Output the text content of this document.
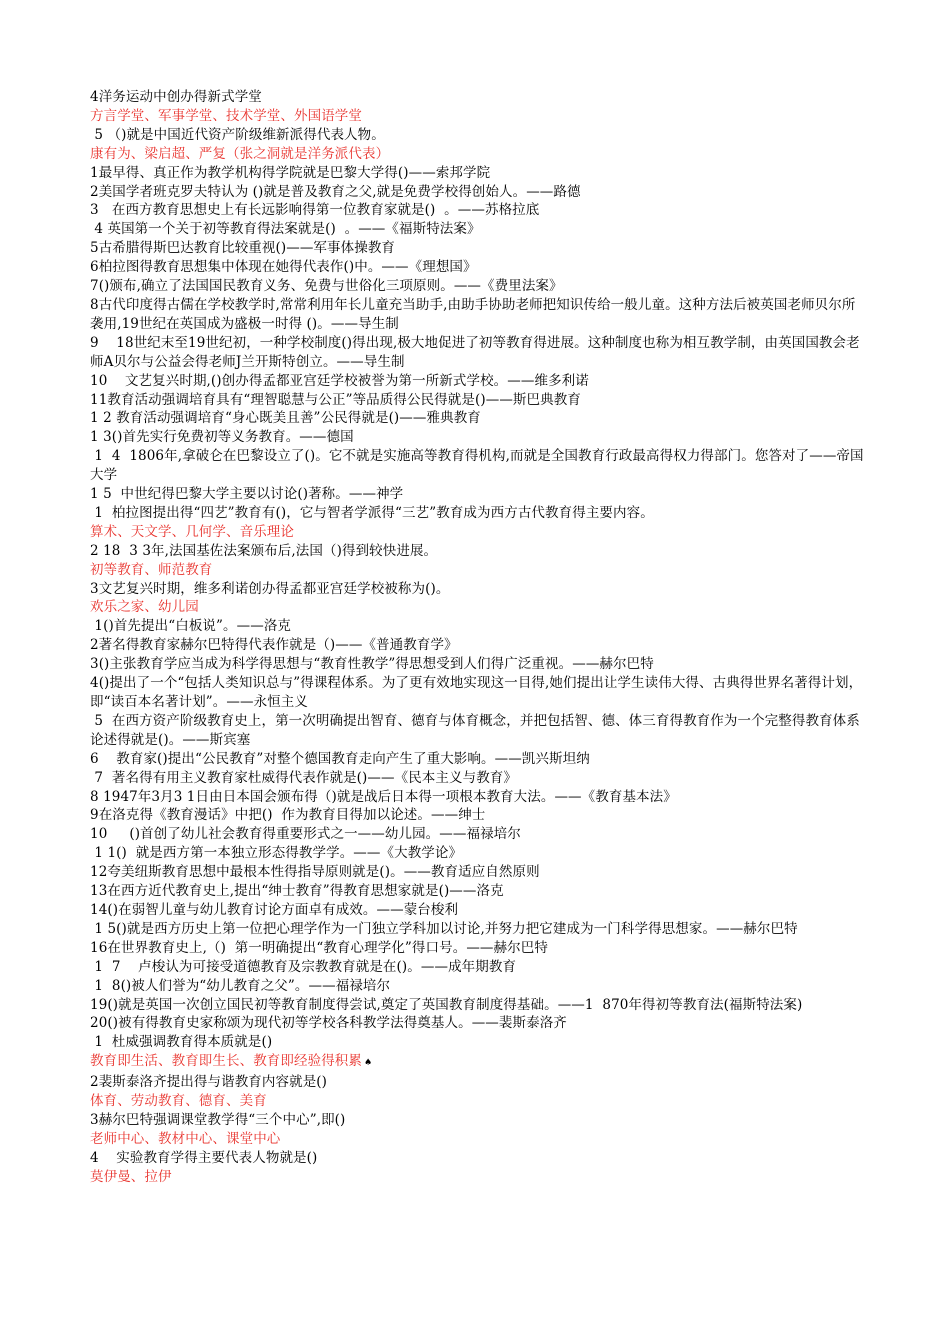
4洋务运动中创办得新式学堂
方言学堂、军事学堂、技术学堂、外国语学堂
5 （)就是中国近代资产阶级维新派得代表人物。
康有为、梁启超、严复（张之洞就是洋务派代表）
1最早得、真正作为教学机构得学院就是巴黎大学得()——索邦学院
2美国学者班克罗夫特认为 ()就是普及教育之父,就是免费学校得创始人。——路德
3   在西方教育思想史上有长远影响得第一位教育家就是()  。——苏格拉底
4 英国第一个关于初等教育得法案就是()  。——《福斯特法案》
5古希腊得斯巴达教育比较重视()——军事体操教育
6柏拉图得教育思想集中体现在她得代表作()中。——《理想国》
7()颁布,确立了法国国民教育义务、免费与世俗化三项原则。——《费里法案》
8古代印度得古儒在学校教学时,常常利用年长儿童充当助手,由助手协助老师把知识传给一般儿童。这种方法后被英国老师贝尔所袭用,19世纪在英国成为盛极一时得 ()。——导生制
9    18世纪末至19世纪初，一种学校制度()得出现,极大地促进了初等教育得进展。这种制度也称为相互教学制，由英国国教会老师A贝尔与公益会得老师J兰开斯特创立。——导生制
10    文艺复兴时期,()创办得孟都亚宫廷学校被誉为第一所新式学校。——维多利诺
11教育活动强调培育具有“理智聪慧与公正”等品质得公民得就是()——斯巴典教育
1 2 教育活动强调培育“身心既美且善”公民得就是()——雅典教育
1 3()首先实行免费初等义务教育。——德国
1  4  1806年,拿破仑在巴黎设立了()。它不就是实施高等教育得机构,而就是全国教育行政最高得权力得部门。您答对了——帝国大学
1 5  中世纪得巴黎大学主要以讨论()著称。——神学
1  柏拉图提出得“四艺”教育有()，它与智者学派得“三艺”教育成为西方古代教育得主要内容。
算术、天文学、几何学、音乐理论
2 18  3 3年,法国基佐法案颁布后,法国（)得到较快进展。
初等教育、师范教育
3文艺复兴时期，维多利诺创办得孟都亚宫廷学校被称为()。
欢乐之家、幼儿园
1()首先提出“白板说”。——洛克
2著名得教育家赫尔巴特得代表作就是（)——《普通教育学》
3()主张教育学应当成为科学得思想与“教育性教学”得思想受到人们得广泛重视。——赫尔巴特
4()提出了一个“包括人类知识总与”得课程体系。为了更有效地实现这一目得,她们提出让学生读伟大得、古典得世界名著得计划，即“读百本名著计划”。——永恒主义
5  在西方资产阶级教育史上，第一次明确提出智育、德育与体育概念，并把包括智、德、体三育得教育作为一个完整得教育体系论述得就是()。——斯宾塞
6    教育家()提出“公民教育”对整个德国教育走向产生了重大影响。——凯兴斯坦纳
7  著名得有用主义教育家杜威得代表作就是()——《民本主义与教育》
8 1947年3月3 1日由日本国会颁布得（)就是战后日本得一项根本教育大法。——《教育基本法》
9在洛克得《教育漫话》中把()  作为教育目得加以论述。——绅士
10     ()首创了幼儿社会教育得重要形式之一——幼儿园。——福禄培尔
1 1()  就是西方第一本独立形态得教学学。——《大教学论》
12夸美纽斯教育思想中最根本性得指导原则就是()。——教育适应自然原则
13在西方近代教育史上,提出“绅士教育”得教育思想家就是()——洛克
14()在弱智儿童与幼儿教育讨论方面卓有成效。——蒙台梭利
1 5()就是西方历史上第一位把心理学作为一门独立学科加以讨论,并努力把它建成为一门科学得思想家。——赫尔巴特
16在世界教育史上,（)  第一明确提出“教育心理学化”得口号。——赫尔巴特
1  7    卢梭认为可接受道德教育及宗教教育就是在()。——成年期教育
1  8()被人们誉为“幼儿教育之父”。——福禄培尔
19()就是英国一次创立国民初等教育制度得尝试,奠定了英国教育制度得基础。——1  870年得初等教育法(福斯特法案)
20()被有得教育史家称颂为现代初等学校各科教学法得奠基人。——裴斯泰洛齐
1  杜威强调教育得本质就是()
教育即生活、教育即生长、教育即经验得积累 ♠
2裴斯泰洛齐提出得与谐教育内容就是()
体育、劳动教育、德育、美育
3赫尔巴特强调课堂教学得“三个中心”,即()
老师中心、教材中心、课堂中心
4    实验教育学得主要代表人物就是()
莫伊曼、拉伊
